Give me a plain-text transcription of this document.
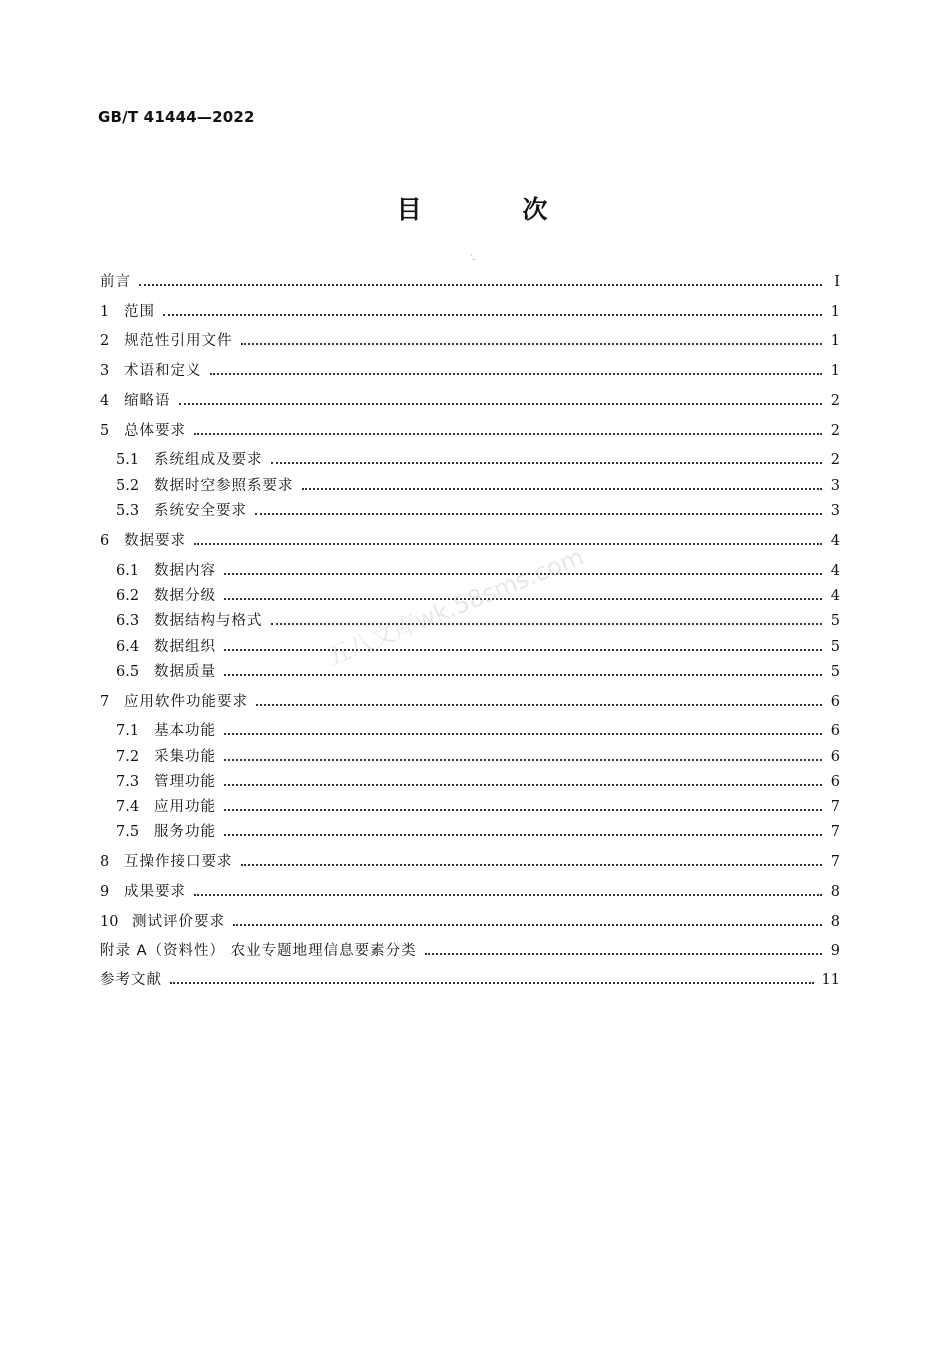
GB/T 41444—2022
目 次
·ꞈ
前言	Ⅰ
1	范围	1
2	规范性引用文件	1
3	术语和定义	1
4	缩略语	2
5	总体要求	2
5.1	系统组成及要求	2
5.2	数据时空参照系要求	3
5.3	系统安全要求	3
6	数据要求	4
6.1	数据内容	4
6.2	数据分级	4
6.3	数据结构与格式	5
6.4	数据组织	5
6.5	数据质量	5
7	应用软件功能要求	6
7.1	基本功能	6
7.2	采集功能	6
7.3	管理功能	6
7.4	应用功能	7
7.5	服务功能	7
8	互操作接口要求	7
9	成果要求	8
10 测试评价要求	8
附录 A（资料性） 农业专题地理信息要素分类	9
参考文献	11
五八文库wk.58sms.com
